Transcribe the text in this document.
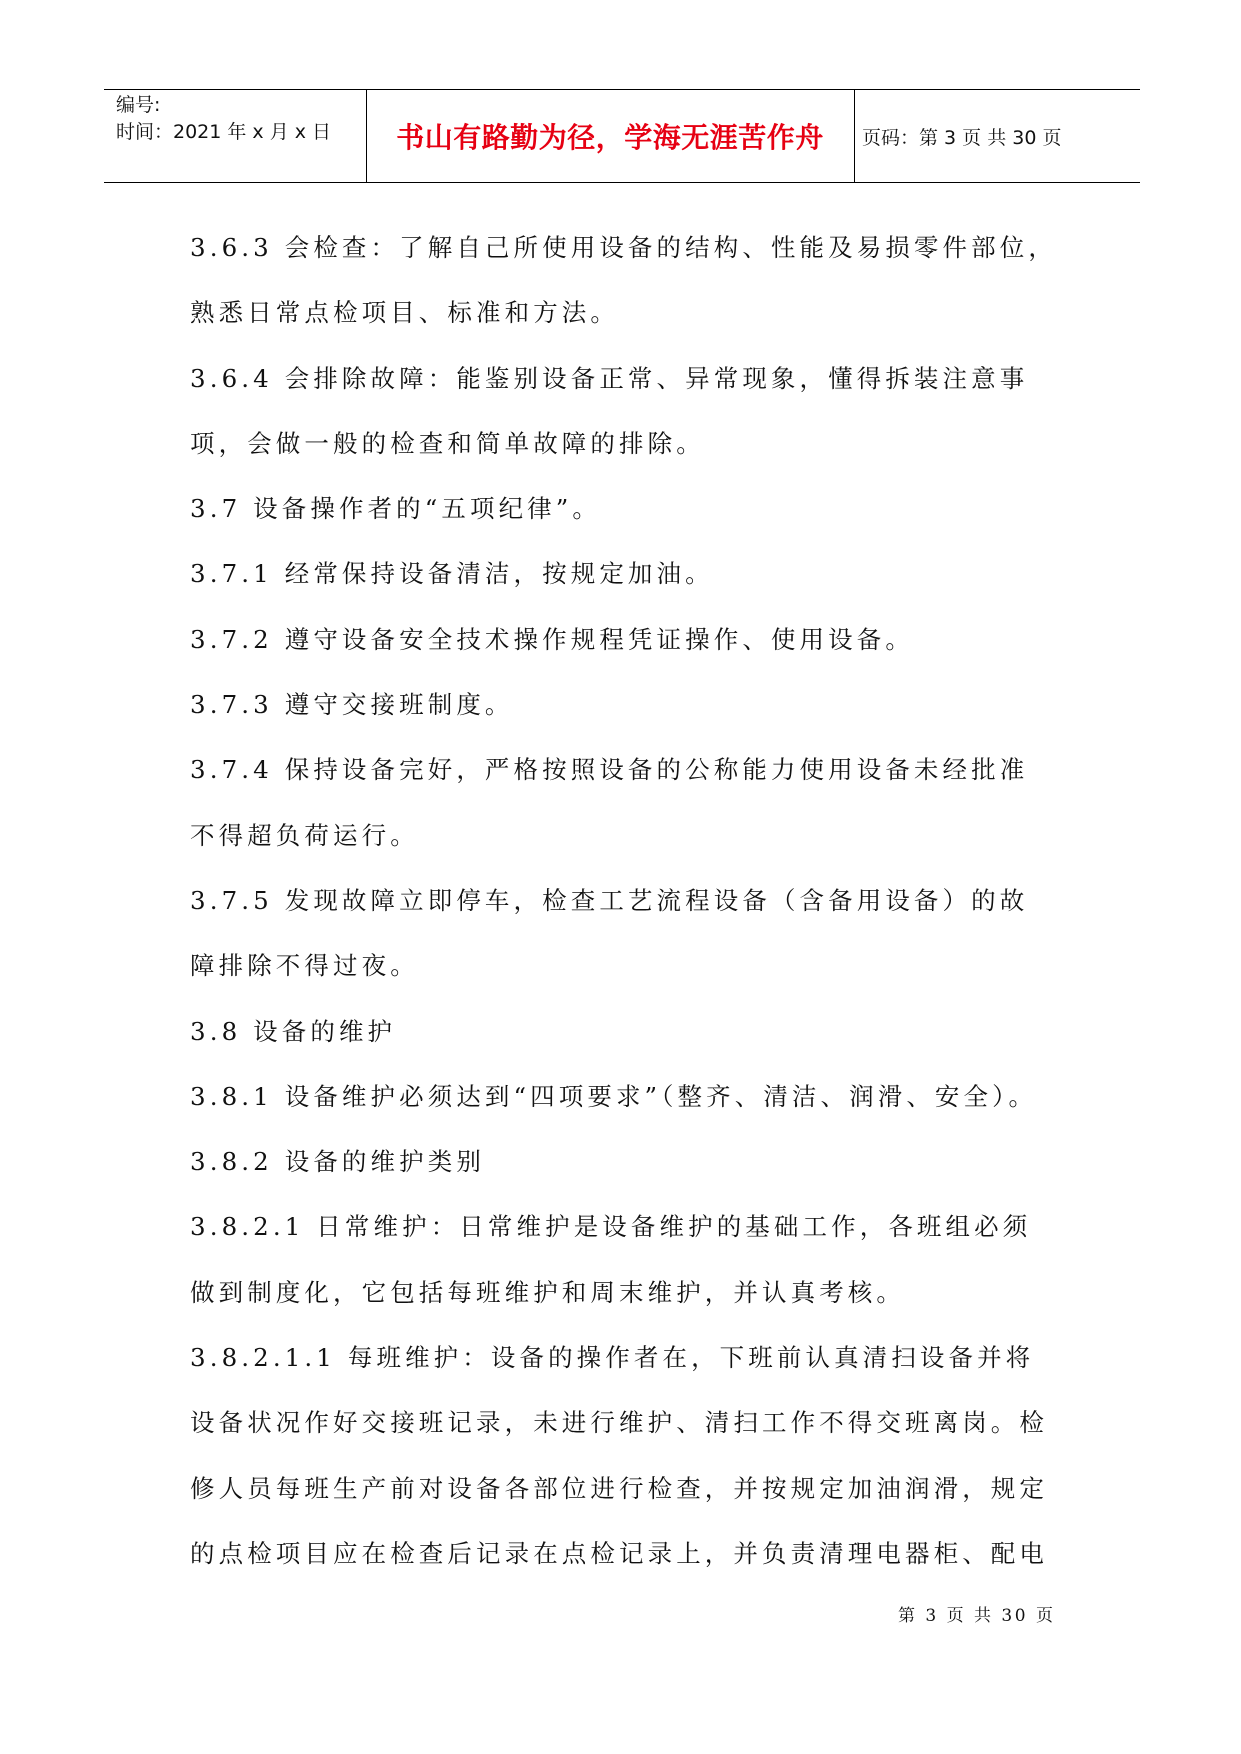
编号:
时间：2021 年 x 月 x 日	书山有路勤为径，学海无涯苦作舟	页码：第 3 页 共 30 页
3.6.3 会检查：了解自己所使用设备的结构、性能及易损零件部位，
熟悉日常点检项目、标准和方法。
3.6.4 会排除故障：能鉴别设备正常、异常现象，懂得拆装注意事
项，会做一般的检查和简单故障的排除。
3.7 设备操作者的“五项纪律”。
3.7.1 经常保持设备清洁，按规定加油。
3.7.2 遵守设备安全技术操作规程凭证操作、使用设备。
3.7.3 遵守交接班制度。
3.7.4 保持设备完好，严格按照设备的公称能力使用设备未经批准
不得超负荷运行。
3.7.5 发现故障立即停车，检查工艺流程设备（含备用设备）的故
障排除不得过夜。
3.8 设备的维护
3.8.1 设备维护必须达到“四项要求”（整齐、清洁、润滑、安全）。
3.8.2 设备的维护类别
3.8.2.1 日常维护：日常维护是设备维护的基础工作，各班组必须
做到制度化，它包括每班维护和周末维护，并认真考核。
3.8.2.1.1 每班维护：设备的操作者在，下班前认真清扫设备并将
设备状况作好交接班记录，未进行维护、清扫工作不得交班离岗。检
修人员每班生产前对设备各部位进行检查，并按规定加油润滑，规定
的点检项目应在检查后记录在点检记录上，并负责清理电器柜、配电
第 3 页 共 30 页
